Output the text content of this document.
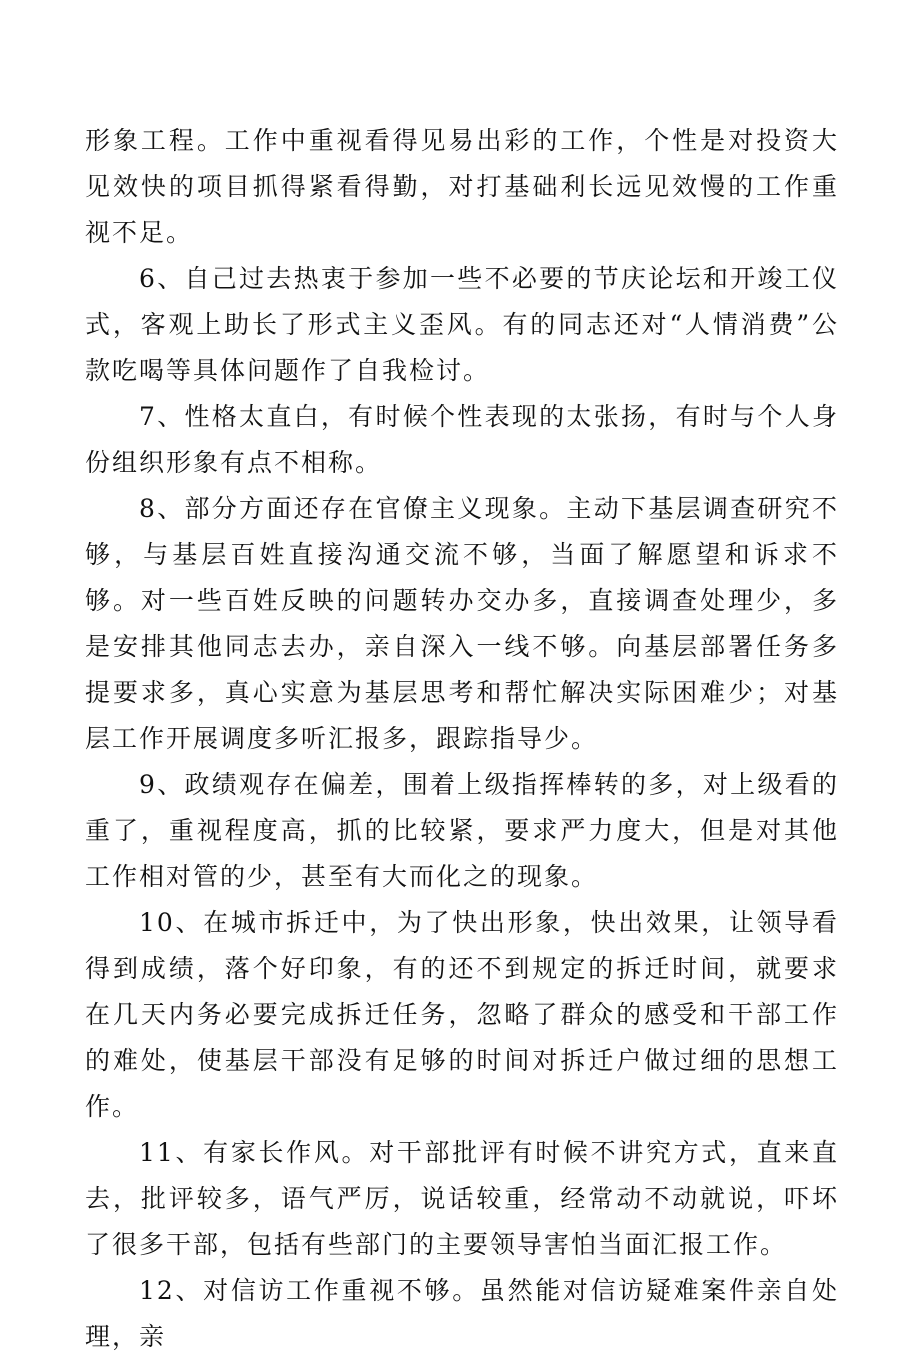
形象工程。工作中重视看得见易出彩的工作，个性是对投资大见效快的项目抓得紧看得勤，对打基础利长远见效慢的工作重视不足。

6、自己过去热衷于参加一些不必要的节庆论坛和开竣工仪式，客观上助长了形式主义歪风。有的同志还对“人情消费”公款吃喝等具体问题作了自我检讨。

7、性格太直白，有时候个性表现的太张扬，有时与个人身份组织形象有点不相称。

8、部分方面还存在官僚主义现象。主动下基层调查研究不够，与基层百姓直接沟通交流不够，当面了解愿望和诉求不够。对一些百姓反映的问题转办交办多，直接调查处理少，多是安排其他同志去办，亲自深入一线不够。向基层部署任务多提要求多，真心实意为基层思考和帮忙解决实际困难少；对基层工作开展调度多听汇报多，跟踪指导少。

9、政绩观存在偏差，围着上级指挥棒转的多，对上级看的重了，重视程度高，抓的比较紧，要求严力度大，但是对其他工作相对管的少，甚至有大而化之的现象。

10、在城市拆迁中，为了快出形象，快出效果，让领导看得到成绩，落个好印象，有的还不到规定的拆迁时间，就要求在几天内务必要完成拆迁任务，忽略了群众的感受和干部工作的难处，使基层干部没有足够的时间对拆迁户做过细的思想工作。

11、有家长作风。对干部批评有时候不讲究方式，直来直去，批评较多，语气严厉，说话较重，经常动不动就说，吓坏了很多干部，包括有些部门的主要领导害怕当面汇报工作。

12、对信访工作重视不够。虽然能对信访疑难案件亲自处理，亲
